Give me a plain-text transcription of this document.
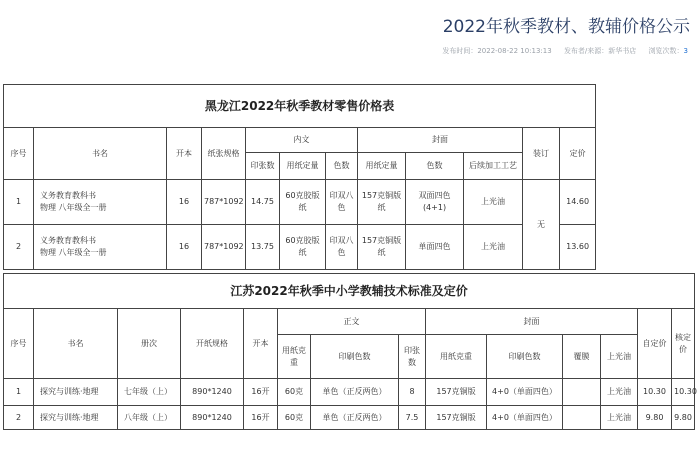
2022年秋季教材、教辅价格公示
发布时间：2022-08-22 10:13:13 发布者/来源：新华书店 浏览次数：3
黑龙江2022年秋季教材零售价格表											
序号	书名	开本	纸张规格	内文			封面			装订	定价
				印张数	用纸定量	色数	用纸定量	色数	后续加工工艺		
1	义务教育教科书
物理 八年级全一册	16	787*1092	14.75	60克胶版纸	印双八色	157克铜版纸	双面四色(4+1)	上光油	无	14.60
2	义务教育教科书
物理 八年级全一册	16	787*1092	13.75	60克胶版纸	印双八色	157克铜版纸	单面四色	上光油		13.60
江苏2022年秋季中小学教辅技术标准及定价													
序号	书名	册次	开纸规格	开本	正文			封面				自定价	核定价
					用纸克重	印刷色数	印张数	用纸克重	印刷色数	覆膜	上光油		
1	探究与训练·地理	七年级（上）	890*1240	16开	60克	单色（正反两色）	8	157克铜版	4+0（单面四色）		上光油	10.30	10.30
2	探究与训练·地理	八年级（上）	890*1240	16开	60克	单色（正反两色）	7.5	157克铜版	4+0（单面四色）		上光油	9.80	9.80
